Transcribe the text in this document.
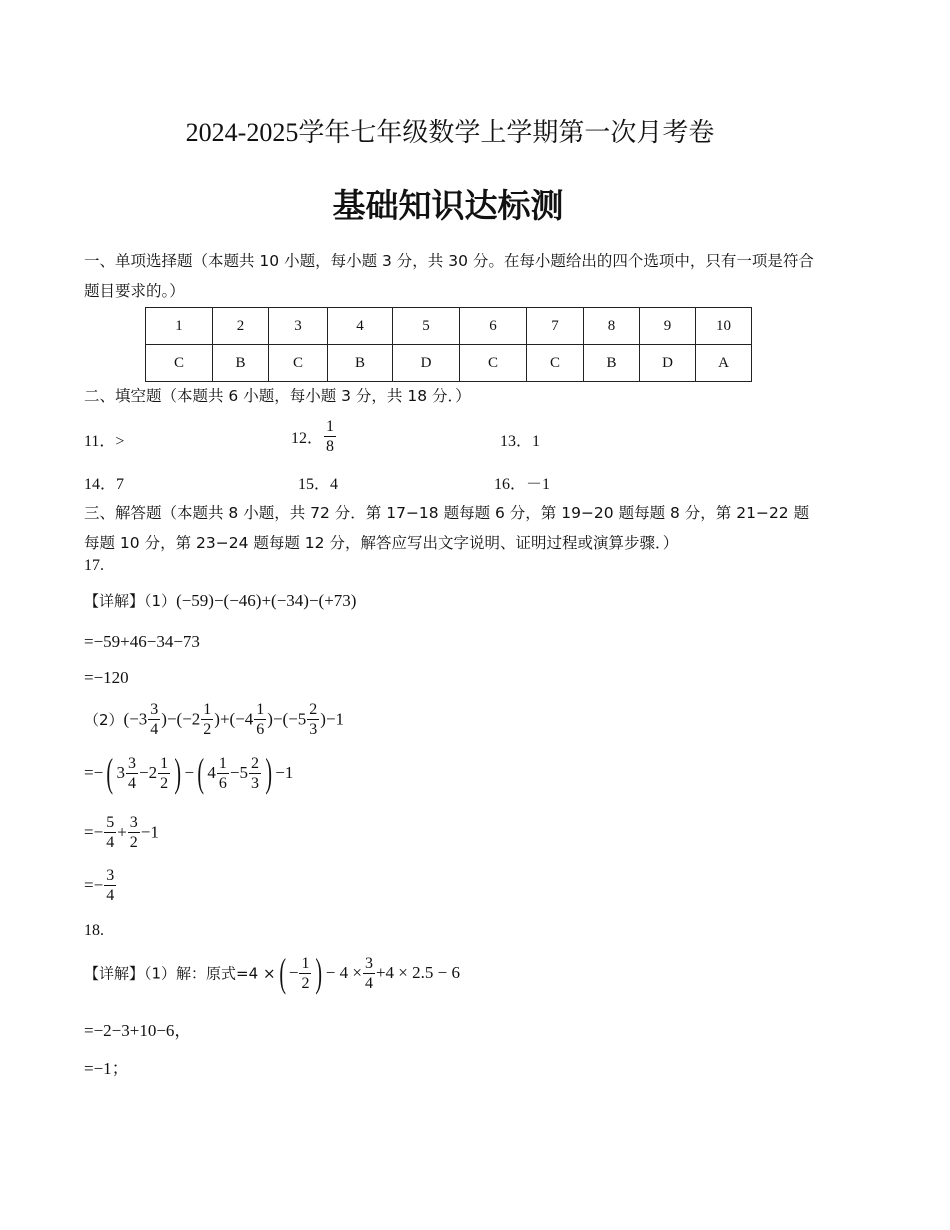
2024-2025学年七年级数学上学期第一次月考卷
基础知识达标测
一、单项选择题（本题共 10 小题，每小题 3 分，共 30 分。在每小题给出的四个选项中，只有一项是符合题目要求的。）
1	2	3	4	5	6	7	8	9	10
C	B	C	B	D	C	C	B	D	A
二、填空题（本题共 6 小题，每小题 3 分，共 18 分．）
11．>	12． $\frac{1}{8}$	13．1
14．7	15．4	16．－1
三、解答题（本题共 8 小题，共 72 分．第 17−18 题每题 6 分，第 19−20 题每题 8 分，第 21−22 题每题 10 分，第 23−24 题每题 12 分，解答应写出文字说明、证明过程或演算步骤．）
17.
【详解】（1）(−59)−(−46)+(−34)−(+73)
=−59+46−34−73
=−120
$(2)(-3 \frac{3}{4} )-(-2 \frac{1}{2} )+(-4 \frac{1}{6} )-(-5 \frac{2}{3} )-1$
=−( $3 \frac{3}{4} -2 \frac{1}{2}$ ) −( $4 \frac{1}{6} -5 \frac{2}{3}$ ) −1
=− $\frac{5}{4} + \frac{3}{2} -1$
=− $\frac{3}{4}$
18.
【详解】（1）解：原式=4 ×( − $\frac{1}{2}$ ) − $4 \times \frac{3}{4} +4 \times 2.5 - 6$
=−2−3+10−6，
=−1；
